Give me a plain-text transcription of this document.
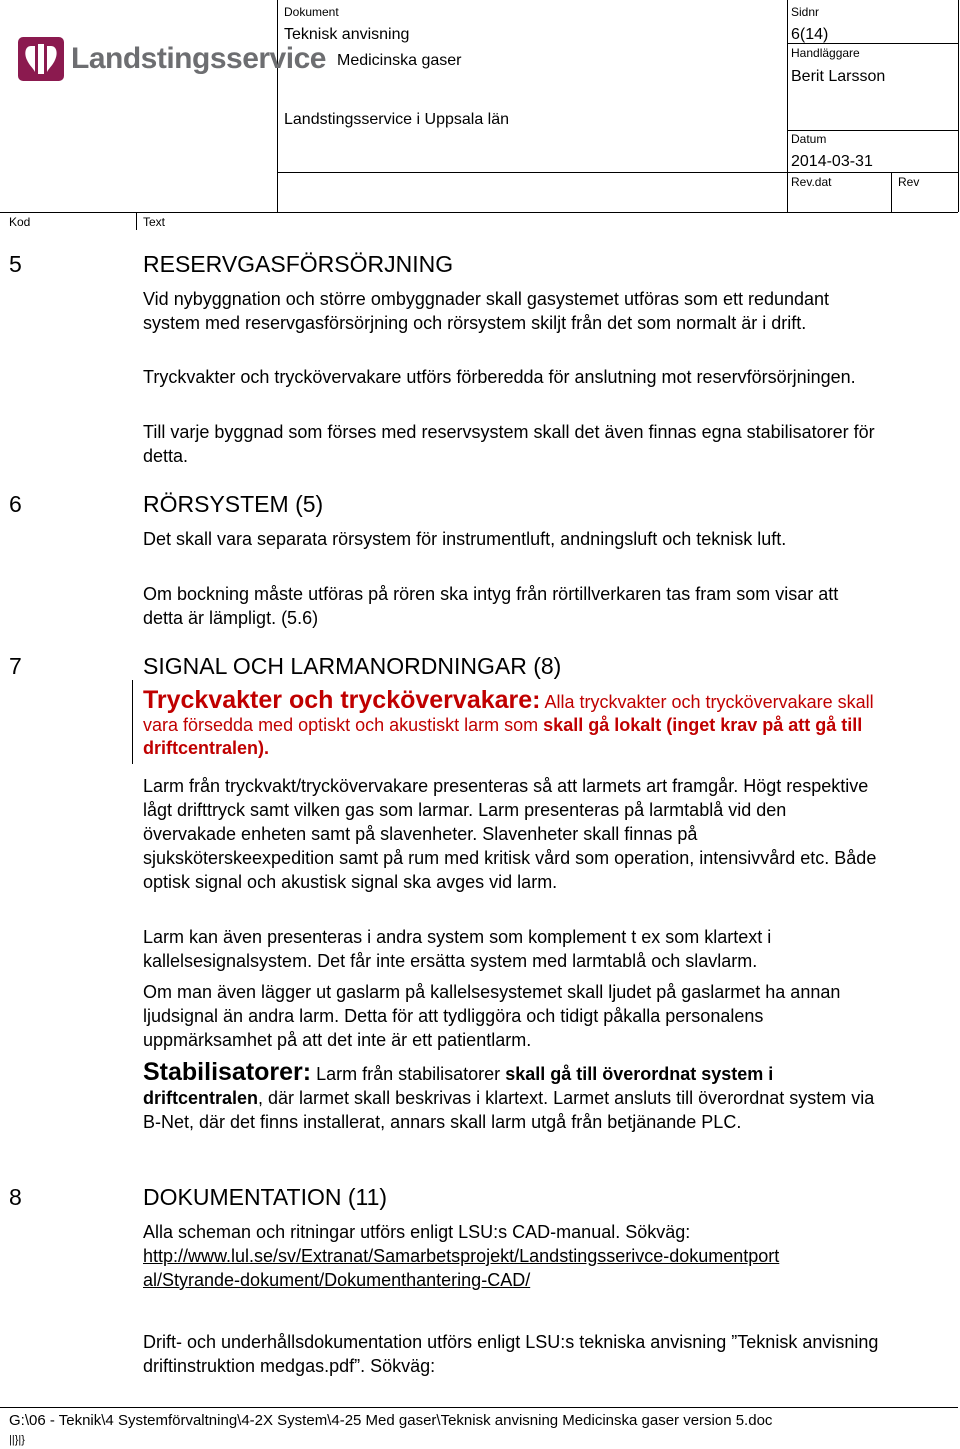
Landstingsservice
Dokument
Teknisk anvisning
Medicinska gaser
Landstingsservice i Uppsala län
Sidnr
6(14)
Handläggare
Berit Larsson
Datum
2014-03-31
Rev.dat	Rev
Kod	Text
5	RESERVGASFÖRSÖRJNING

Vid nybyggnation och större ombyggnader skall gasystemet utföras som ett redundant system med reservgasförsörjning och rörsystem skiljt från det som normalt är i drift.

Tryckvakter och tryckövervakare utförs förberedda för anslutning mot reservförsörjningen.

Till varje byggnad som förses med reservsystem skall det även finnas egna stabilisatorer för detta.

6	RÖRSYSTEM (5)

Det skall vara separata rörsystem för instrumentluft, andningsluft och teknisk luft.

Om bockning måste utföras på rören ska intyg från rörtillverkaren tas fram som visar att detta är lämpligt. (5.6)

7	SIGNAL OCH LARMANORDNINGAR (8)

Tryckvakter och tryckövervakare: Alla tryckvakter och tryckövervakare skall vara försedda med optiskt och akustiskt larm som skall gå lokalt (inget krav på att gå till driftcentralen).

Larm från tryckvakt/tryckövervakare presenteras så att larmets art framgår. Högt respektive lågt drifttryck samt vilken gas som larmar. Larm presenteras på larmtablå vid den övervakade enheten samt på slavenheter. Slavenheter skall finnas på sjuksköterskeexpedition samt på rum med kritisk vård som operation, intensivvård etc. Både optisk signal och akustisk signal ska avges vid larm.

Larm kan även presenteras i andra system som komplement t ex som klartext i kallelsesignalsystem. Det får inte ersätta system med larmtablå och slavlarm.

Om man även lägger ut gaslarm på kallelsesystemet skall ljudet på gaslarmet ha annan ljudsignal än andra larm. Detta för att tydliggöra och tidigt påkalla personalens uppmärksamhet på att det inte är ett patientlarm.

Stabilisatorer: Larm från stabilisatorer skall gå till överordnat system i driftcentralen, där larmet skall beskrivas i klartext. Larmet ansluts till överordnat system via B-Net, där det finns installerat, annars skall larm utgå från betjänande PLC.

8	DOKUMENTATION (11)

Alla scheman och ritningar utförs enligt LSU:s CAD-manual. Sökväg:

http://www.lul.se/sv/Extranat/Samarbetsprojekt/Landstingsserivce-dokumentportal/Styrande-dokument/Dokumenthantering-CAD/

Drift- och underhållsdokumentation utförs enligt LSU:s tekniska anvisning ”Teknisk anvisning driftinstruktion medgas.pdf”. Sökväg:

G:\06 - Teknik\4 Systemförvaltning\4-2X System\4-25 Med gaser\Teknisk anvisning Medicinska gaser version 5.doc
||}|}
